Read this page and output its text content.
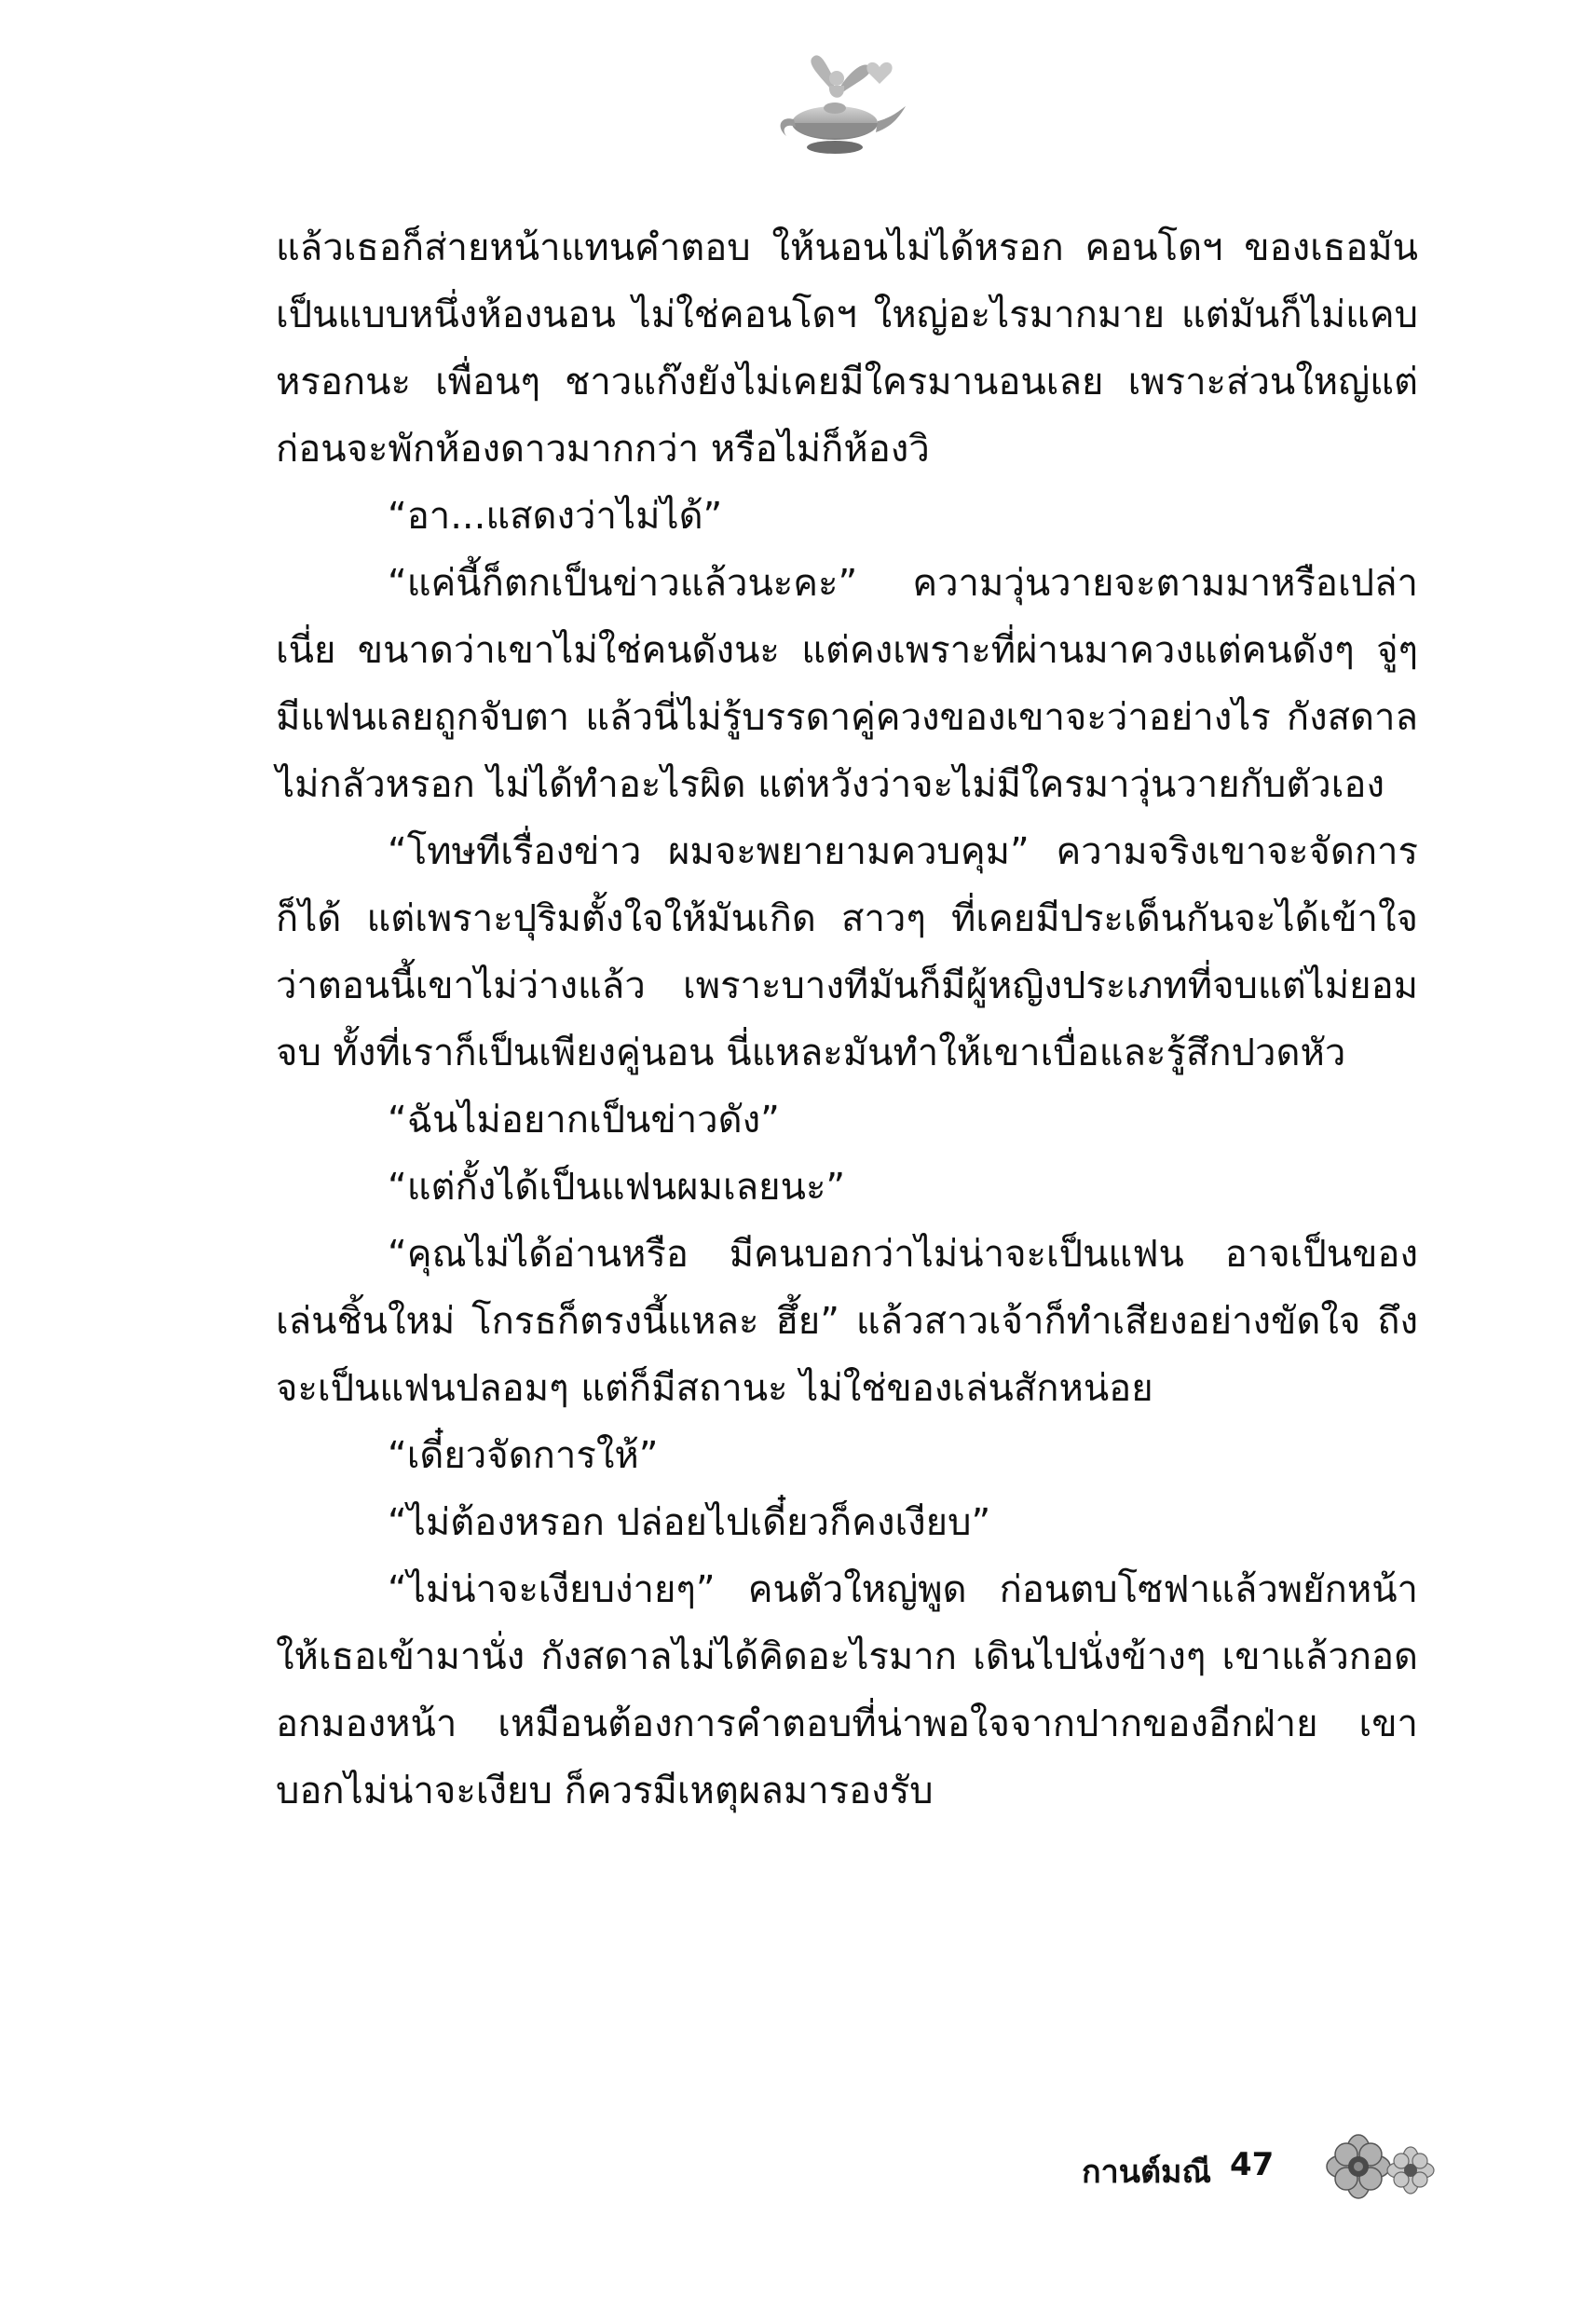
แล้วเธอก็ส่ายหน้าแทนคำตอบ ให้นอนไม่ได้หรอก คอนโดฯ ของเธอมันเป็นแบบหนึ่งห้องนอน ไม่ใช่คอนโดฯ ใหญ่อะไรมากมาย แต่มันก็ไม่แคบหรอกนะ เพื่อนๆ ชาวแก๊งยังไม่เคยมีใครมานอนเลย เพราะส่วนใหญ่แต่ก่อนจะพักห้องดาวมากกว่า หรือไม่ก็ห้องวิ

“อา...แสดงว่าไม่ได้”

“แค่นี้ก็ตกเป็นข่าวแล้วนะคะ” ความวุ่นวายจะตามมาหรือเปล่าเนี่ย ขนาดว่าเขาไม่ใช่คนดังนะ แต่คงเพราะที่ผ่านมาควงแต่คนดังๆ จู่ๆ มีแฟนเลยถูกจับตา แล้วนี่ไม่รู้บรรดาคู่ควงของเขาจะว่าอย่างไร กังสดาลไม่กลัวหรอก ไม่ได้ทำอะไรผิด แต่หวังว่าจะไม่มีใครมาวุ่นวายกับตัวเอง

“โทษทีเรื่องข่าว ผมจะพยายามควบคุม” ความจริงเขาจะจัดการก็ได้ แต่เพราะปุริมตั้งใจให้มันเกิด สาวๆ ที่เคยมีประเด็นกันจะได้เข้าใจว่าตอนนี้เขาไม่ว่างแล้ว เพราะบางทีมันก็มีผู้หญิงประเภทที่จบแต่ไม่ยอมจบ ทั้งที่เราก็เป็นเพียงคู่นอน นี่แหละมันทำให้เขาเบื่อและรู้สึกปวดหัว

“ฉันไม่อยากเป็นข่าวดัง”

“แต่กั้งได้เป็นแฟนผมเลยนะ”

“คุณไม่ได้อ่านหรือ มีคนบอกว่าไม่น่าจะเป็นแฟน อาจเป็นของเล่นชิ้นใหม่ โกรธก็ตรงนี้แหละ ฮึ้ย” แล้วสาวเจ้าก็ทำเสียงอย่างขัดใจ ถึงจะเป็นแฟนปลอมๆ แต่ก็มีสถานะ ไม่ใช่ของเล่นสักหน่อย

“เดี๋ยวจัดการให้”

“ไม่ต้องหรอก ปล่อยไปเดี๋ยวก็คงเงียบ”

“ไม่น่าจะเงียบง่ายๆ” คนตัวใหญ่พูด ก่อนตบโซฟาแล้วพยักหน้าให้เธอเข้ามานั่ง กังสดาลไม่ได้คิดอะไรมาก เดินไปนั่งข้างๆ เขาแล้วกอดอกมองหน้า เหมือนต้องการคำตอบที่น่าพอใจจากปากของอีกฝ่าย เขาบอกไม่น่าจะเงียบ ก็ควรมีเหตุผลมารองรับ

กานต์มณี 47
